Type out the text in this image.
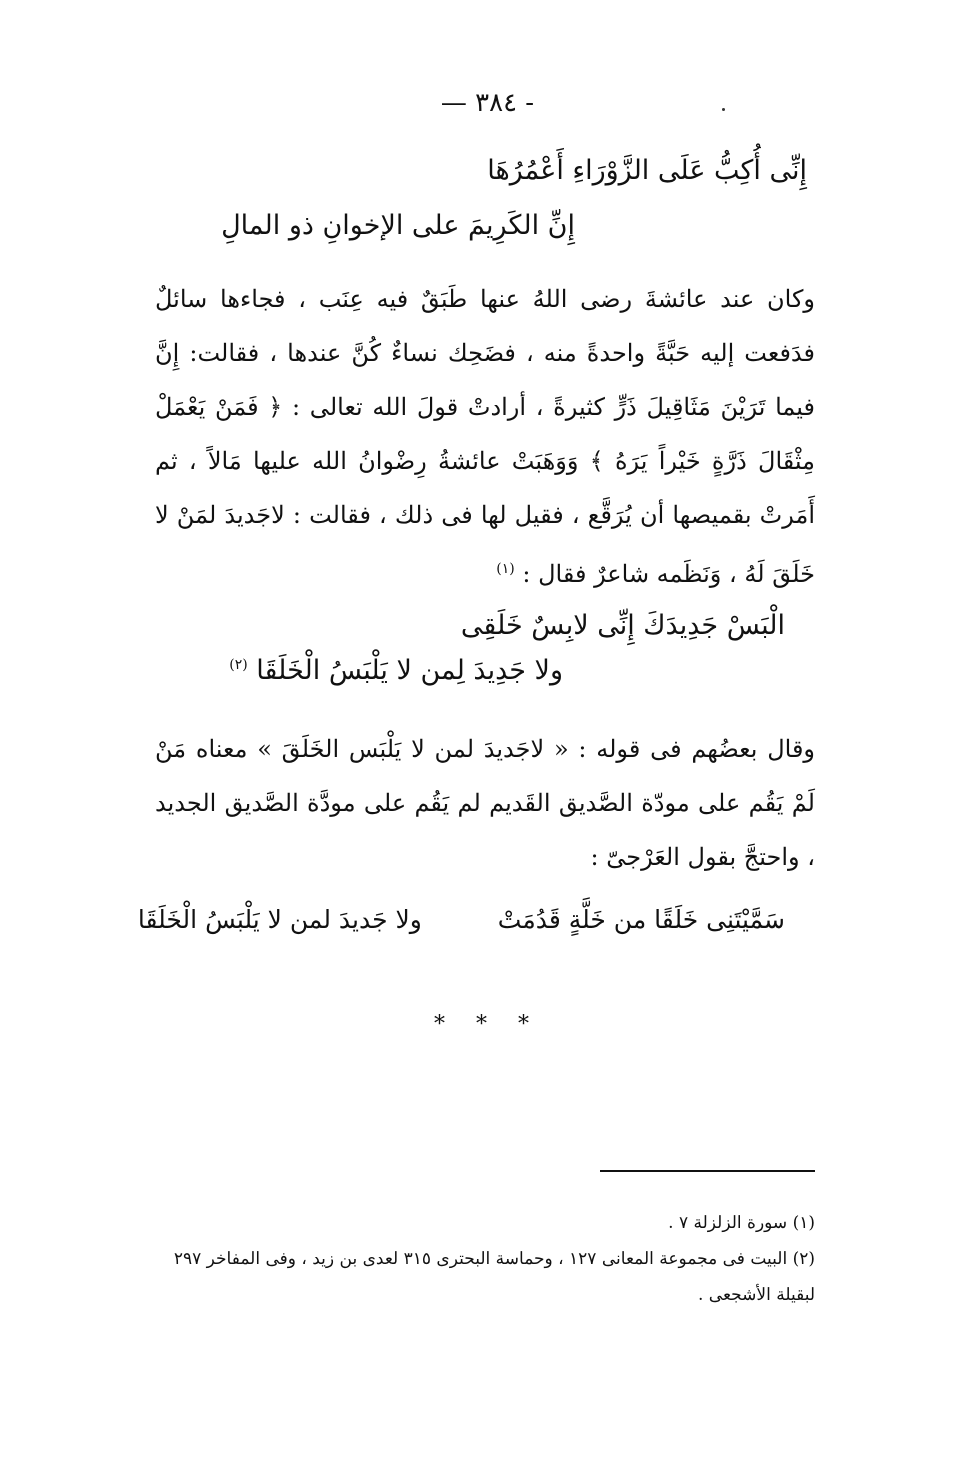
— ٣٨٤ -
إِنِّى أُكِبُّ عَلَى الزَّوْرَاءِ أَعْمُرُهَا
إِنِّ الكَرِيمَ على الإخوانِ ذو المالِ
وكان عند عائشةَ رضى اللهُ عنها طَبَقٌ فيه عِنَب ، فجاءها سائلٌ فدَفعت إليه حَبَّةً واحدةً منه ، فضَحِك نساءٌ كُنَّ عندها ، فقالت: إِنَّ فيما تَرَيْنَ مَثَاقِيلَ ذَرٍّ كثيرةً ، أرادتْ قولَ الله تعالى : ﴿ فَمَنْ يَعْمَلْ مِثْقَالَ ذَرَّةٍ خَيْراً يَرَهُ ﴾ وَوَهَبَتْ عائشةُ رِضْوانُ الله عليها مَالاً ، ثم أَمَرتْ بقميصها أن يُرَقَّع ، فقيل لها فى ذلك ، فقالت : لاجَديدَ لمَنْ لا خَلَقَ لَهُ ، وَنَظَمه شاعرٌ فقال : $^{(١)}$
الْبَسْ جَدِيدَكَ إِنِّى لابِسٌ خَلَقِى
ولا جَدِيدَ لِمن لا يَلْبَسُ الْخَلَقَا $^{(٢)}$
وقال بعضُهم فى قوله : « لاجَديدَ لمن لا يَلْبَس الخَلَقَ » معناه مَنْ لَمْ يَقُم على مودّة الصَّديق القَديم لم يَقُم على مودَّة الصَّديق الجديد ، واحتجَّ بقول العَرْجىّ :
سَمَّيْتَنِى خَلَقًا من خَلَّةٍ قَدُمَتْ  ولا جَديدَ لمن لا يَلْبَسُ الْخَلَقَا
* * *
(١) سورة الزلزلة ٧ .
(٢) البيت فى مجموعة المعانى ١٢٧ ، وحماسة البحترى ٣١٥ لعدى بن زيد ، وفى المفاخر ٢٩٧ لبقيلة الأشجعى .
